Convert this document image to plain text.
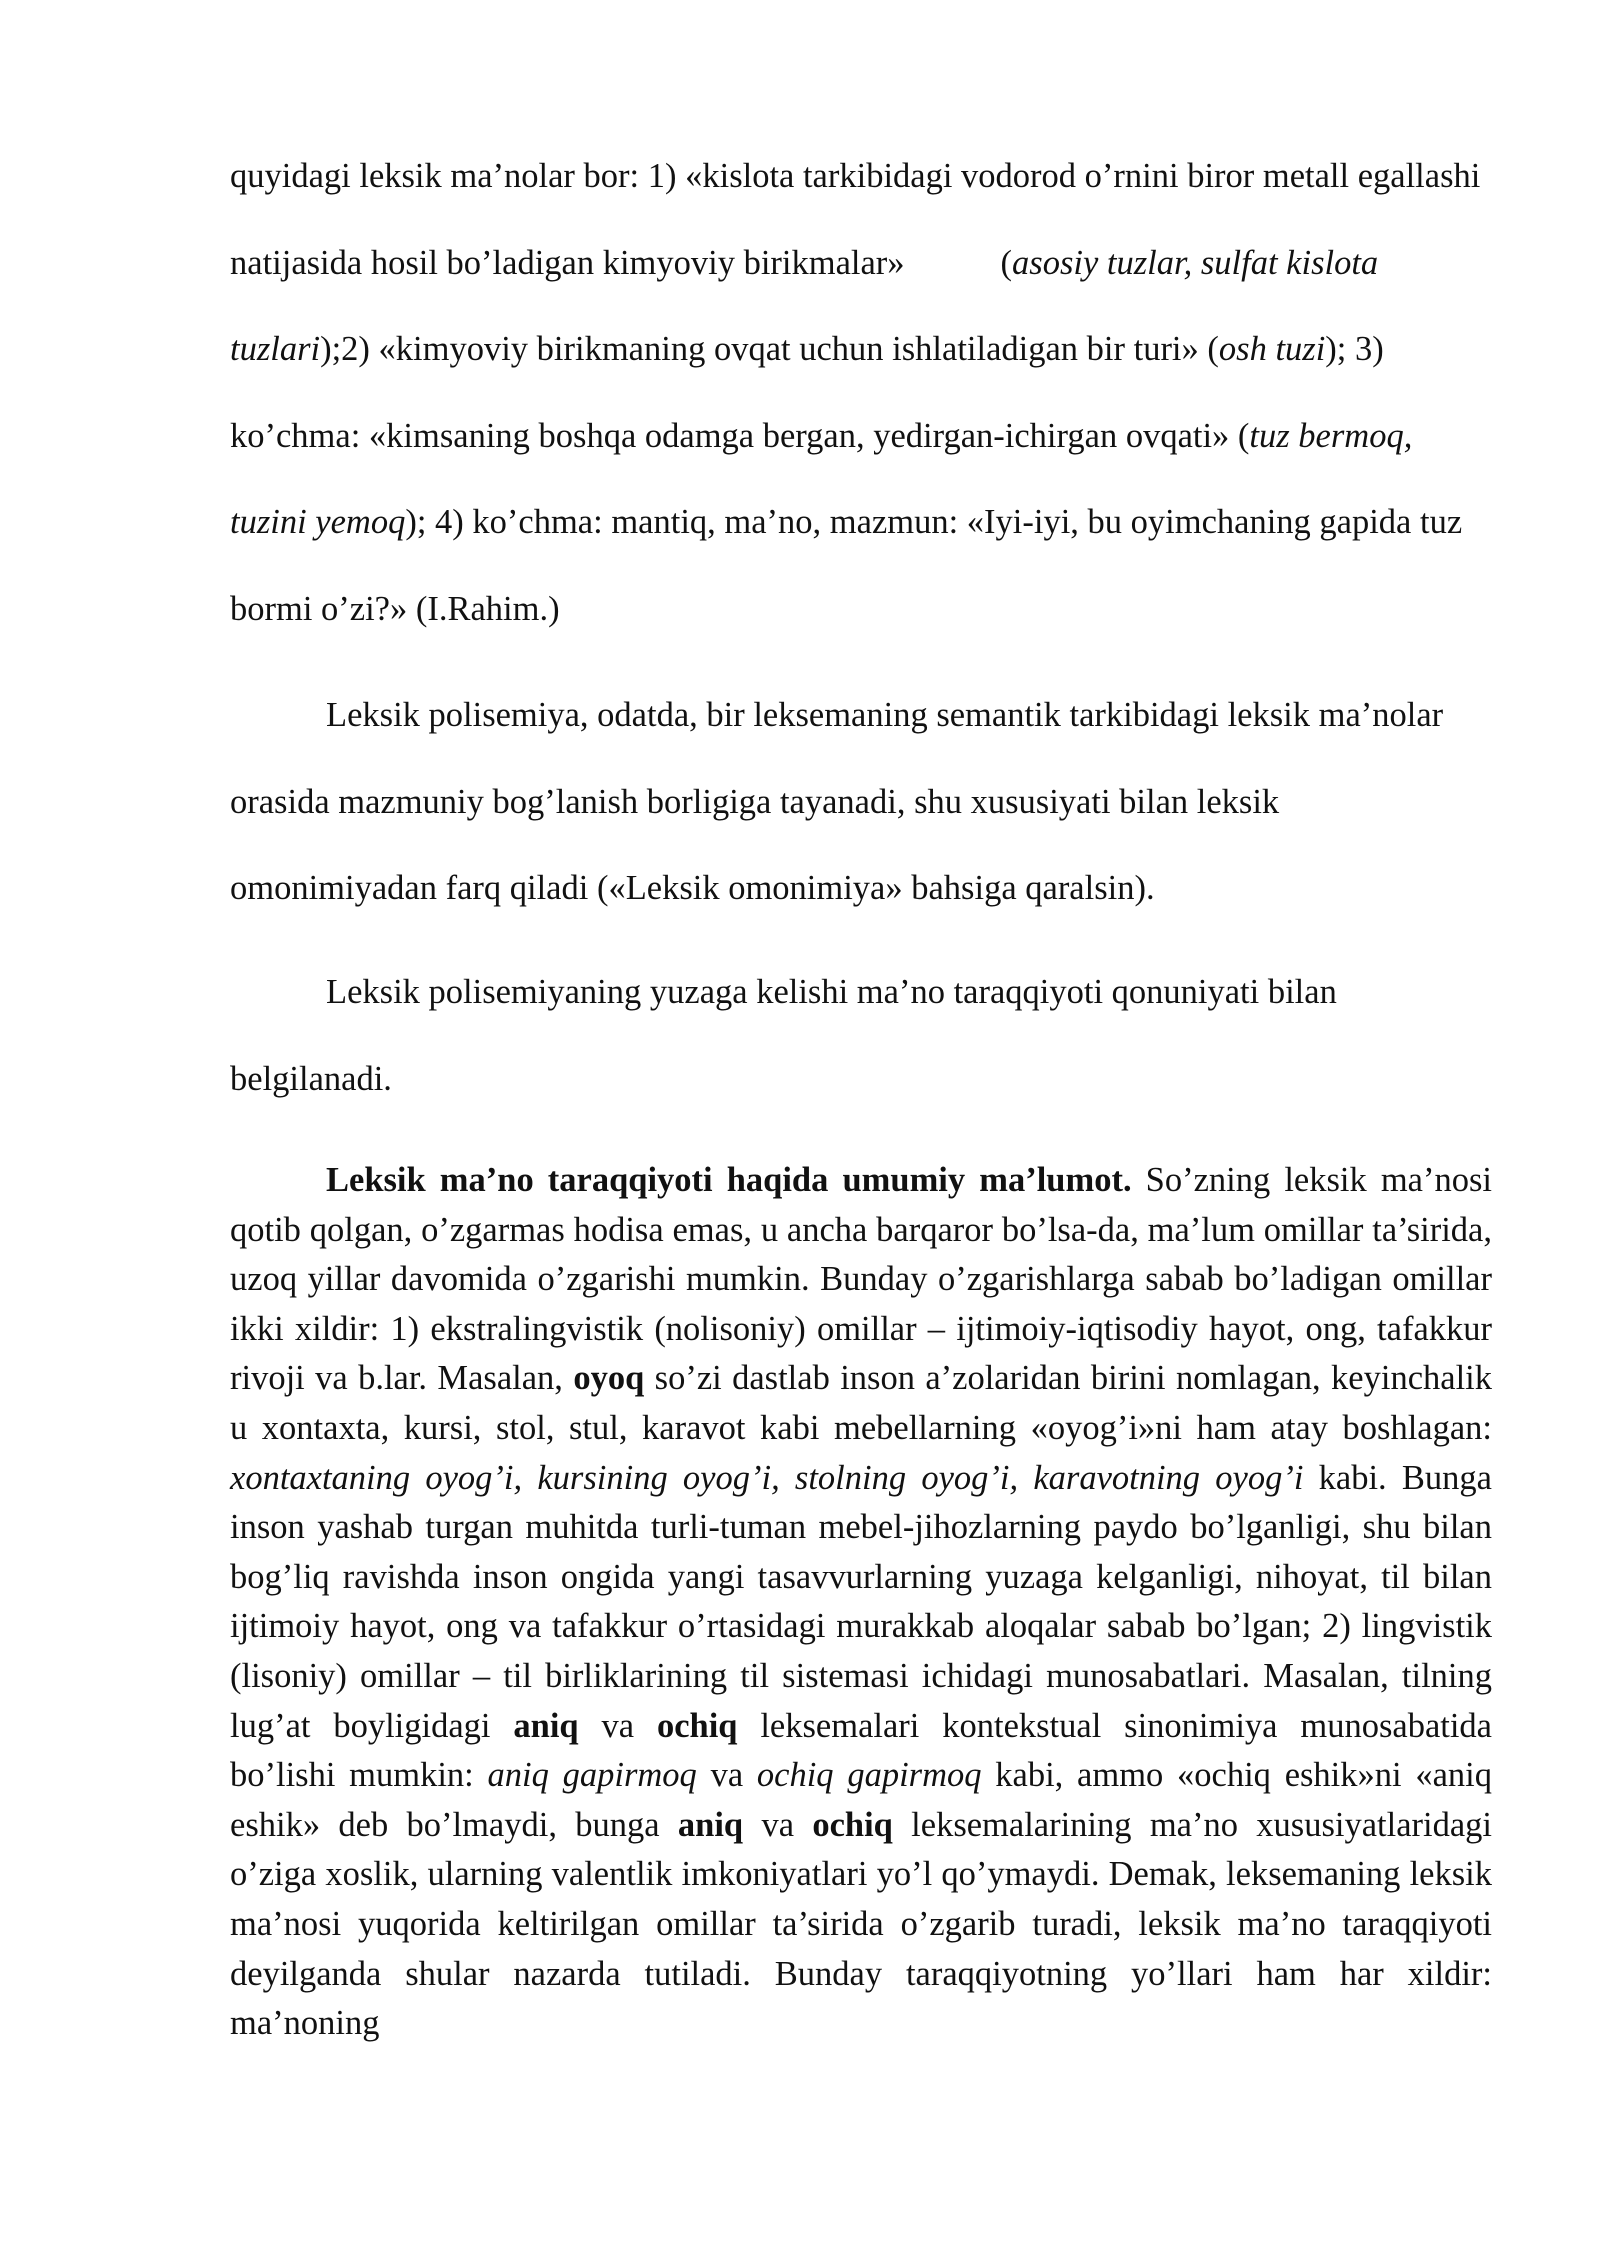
quyidagi leksik ma’nolar bor: 1) «kislota tarkibidagi vodorod o’rnini biror metall egallashi natijasida hosil bo’ladigan kimyoviy birikmalar»	(asosiy tuzlar, sulfat kislota tuzlari);2) «kimyoviy birikmaning ovqat uchun ishlatiladigan bir turi» (osh tuzi); 3) ko’chma: «kimsaning boshqa odamga bergan, yedirgan-ichirgan ovqati» (tuz bermoq, tuzini yemoq); 4) ko’chma: mantiq, ma’no, mazmun: «Iyi-iyi, bu oyimchaning gapida tuz bormi o’zi?» (I.Rahim.)

Leksik polisemiya, odatda, bir leksemaning semantik tarkibidagi leksik ma’nolar orasida mazmuniy bog’lanish borligiga tayanadi, shu xususiyati bilan leksik omonimiyadan farq qiladi («Leksik omonimiya» bahsiga qaralsin).

Leksik polisemiyaning yuzaga kelishi ma’no taraqqiyoti qonuniyati bilan belgilanadi.

Leksik ma’no taraqqiyoti haqida umumiy ma’lumot. So’zning leksik ma’nosi qotib qolgan, o’zgarmas hodisa emas, u ancha barqaror bo’lsa-da, ma’lum omillar ta’sirida, uzoq yillar davomida o’zgarishi mumkin. Bunday o’zgarishlarga sabab bo’ladigan omillar ikki xildir: 1) ekstralingvistik (nolisoniy) omillar – ijtimoiy-iqtisodiy hayot, ong, tafakkur rivoji va b.lar. Masalan, oyoq so’zi dastlab inson a’zolaridan birini nomlagan, keyinchalik u xontaxta, kursi, stol, stul, karavot kabi mebellarning «oyog’i»ni ham atay boshlagan: xontaxtaning oyog’i, kursining oyog’i, stolning oyog’i, karavotning oyog’i kabi. Bunga inson yashab turgan muhitda turli-tuman mebel-jihozlarning paydo bo’lganligi, shu bilan bog’liq ravishda inson ongida yangi tasavvurlarning yuzaga kelganligi, nihoyat, til bilan ijtimoiy hayot, ong va tafakkur o’rtasidagi murakkab aloqalar sabab bo’lgan; 2) lingvistik (lisoniy) omillar – til birliklarining til sistemasi ichidagi munosabatlari. Masalan, tilning lug’at boyligidagi aniq va ochiq leksemalari kontekstual sinonimiya munosabatida bo’lishi mumkin: aniq gapirmoq va ochiq gapirmoq kabi, ammo «ochiq eshik»ni «aniq eshik» deb bo’lmaydi, bunga aniq va ochiq leksemalarining ma’no xususiyatlaridagi o’ziga xoslik, ularning valentlik imkoniyatlari yo’l qo’ymaydi. Demak, leksemaning leksik ma’nosi yuqorida keltirilgan omillar ta’sirida o’zgarib turadi, leksik ma’no taraqqiyoti deyilganda shular nazarda tutiladi. Bunday taraqqiyotning yo’llari ham har xildir: ma’noning
